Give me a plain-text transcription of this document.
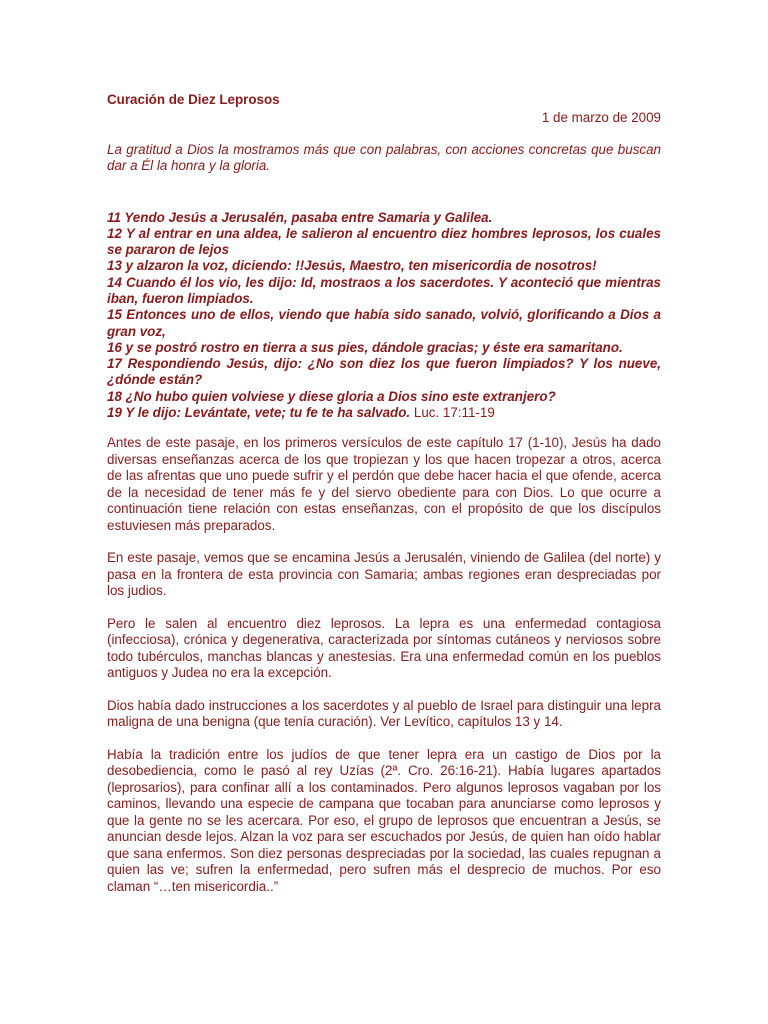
Curación de Diez Leprosos

1 de marzo de 2009

La gratitud a Dios la mostramos más que con palabras, con acciones concretas que buscan dar a Él la honra y la gloria.

11 Yendo Jesús a Jerusalén, pasaba entre Samaria y Galilea.
12 Y al entrar en una aldea, le salieron al encuentro diez hombres leprosos, los cuales se pararon de lejos
13 y alzaron la voz, diciendo: !!Jesús, Maestro, ten misericordia de nosotros!
14 Cuando él los vio, les dijo: Id, mostraos a los sacerdotes. Y aconteció que mientras iban, fueron limpiados.
15 Entonces uno de ellos, viendo que había sido sanado, volvió, glorificando a Dios a gran voz,
16 y se postró rostro en tierra a sus pies, dándole gracias; y éste era samaritano.
17 Respondiendo Jesús, dijo: ¿No son diez los que fueron limpiados? Y los nueve, ¿dónde están?
18 ¿No hubo quien volviese y diese gloria a Dios sino este extranjero?
19 Y le dijo: Levántate, vete; tu fe te ha salvado. Luc. 17:11-19

Antes de este pasaje, en los primeros versículos de este capítulo 17 (1-10), Jesús ha dado diversas enseñanzas acerca de los que tropiezan y los que hacen tropezar a otros, acerca de las afrentas que uno puede sufrir y el perdón que debe hacer hacia el que ofende, acerca de la necesidad de tener más fe y del siervo obediente para con Dios. Lo que ocurre a continuación tiene relación con estas enseñanzas, con el propósito de que los discípulos estuviesen más preparados.

En este pasaje, vemos que se encamina Jesús a Jerusalén, viniendo de Galilea (del norte) y pasa en la frontera de esta provincia con Samaria; ambas regiones eran despreciadas por los judios.

Pero le salen al encuentro diez leprosos. La lepra es una enfermedad contagiosa (infecciosa), crónica y degenerativa, caracterizada por síntomas cutáneos y nerviosos sobre todo tubérculos, manchas blancas y anestesias. Era una enfermedad común en los pueblos antiguos y Judea no era la excepción.

Dios había dado instrucciones a los sacerdotes y al pueblo de Israel para distinguir una lepra maligna de una benigna (que tenía curación). Ver Levítico, capítulos 13 y 14.

Había la tradición entre los judíos de que tener lepra era un castigo de Dios por la desobediencia, como le pasó al rey Uzías (2ª. Cro. 26:16-21). Había lugares apartados (leprosarios), para confinar allí a los contaminados. Pero algunos leprosos vagaban por los caminos, llevando una especie de campana que tocaban para anunciarse como leprosos y que la gente no se les acercara. Por eso, el grupo de leprosos que encuentran a Jesús, se anuncian desde lejos. Alzan la voz para ser escuchados por Jesús, de quien han oído hablar que sana enfermos. Son diez personas despreciadas por la sociedad, las cuales repugnan a quien las ve; sufren la enfermedad, pero sufren más el desprecio de muchos. Por eso claman “…ten misericordia..”
